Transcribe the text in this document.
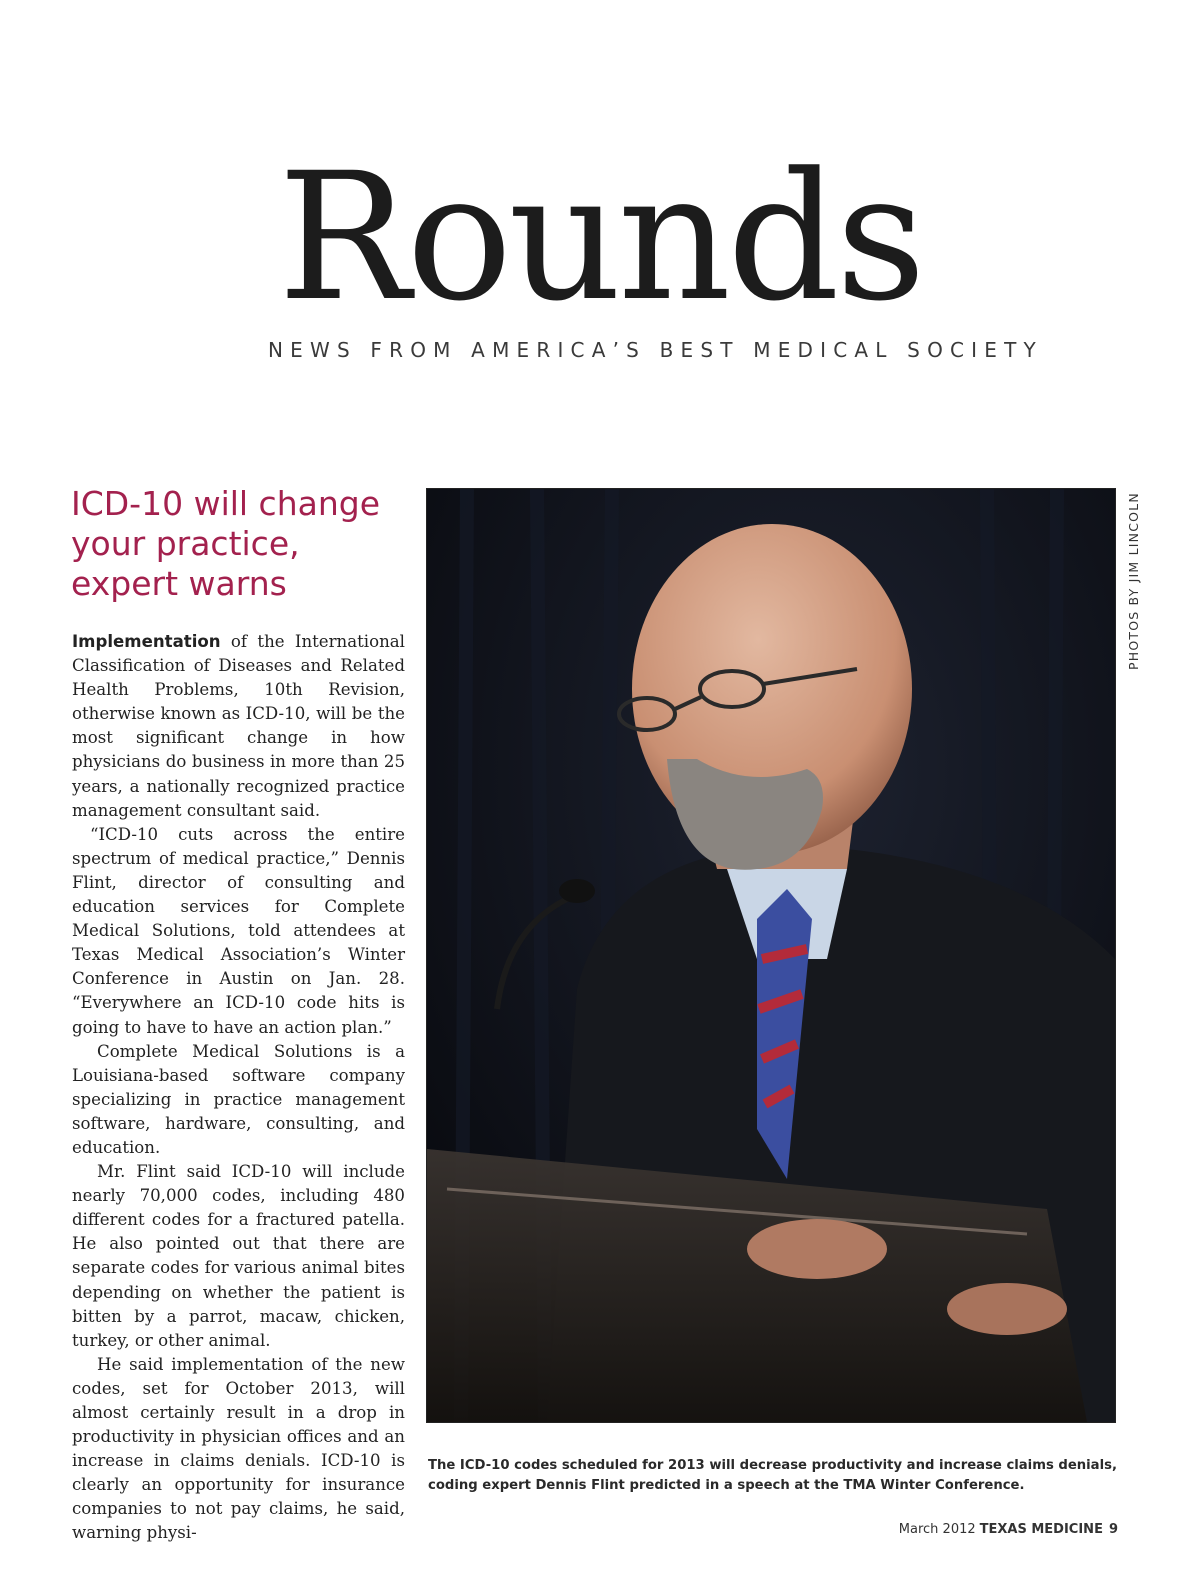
Rounds
NEWS FROM AMERICA’S BEST MEDICAL SOCIETY
ICD-10 will change your practice, expert warns

Implementation of the International Classification of Diseases and Related Health Problems, 10th Revision, otherwise known as ICD-10, will be the most significant change in how physicians do business in more than 25 years, a nationally recognized practice management consultant said.

“ICD-10 cuts across the entire spectrum of medical practice,” Dennis Flint, director of consulting and education services for Complete Medical Solutions, told attendees at Texas Medical Association’s Winter Conference in Austin on Jan. 28. “Everywhere an ICD-10 code hits is going to have to have an action plan.”

Complete Medical Solutions is a Louisiana-based software company specializing in practice management software, hardware, consulting, and education.

Mr. Flint said ICD-10 will include nearly 70,000 codes, including 480 different codes for a fractured patella. He also pointed out that there are separate codes for various animal bites depending on whether the patient is bitten by a parrot, macaw, chicken, turkey, or other animal.

He said implementation of the new codes, set for October 2013, will almost certainly result in a drop in productivity in physician offices and an increase in claims denials. ICD-10 is clearly an opportunity for insurance companies to not pay claims, he said, warning physi-

PHOTOS BY JIM LINCOLN
The ICD-10 codes scheduled for 2013 will decrease productivity and increase claims denials, coding expert Dennis Flint predicted in a speech at the TMA Winter Conference.
March 2012 TEXAS MEDICINE 9
